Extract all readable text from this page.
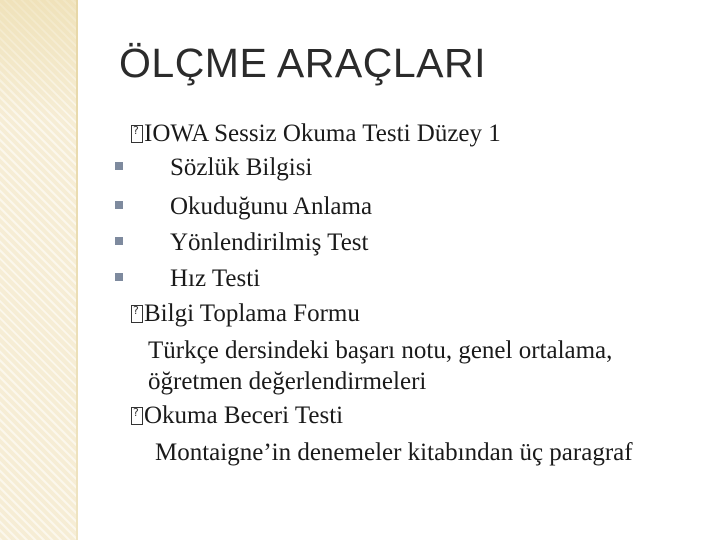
ÖLÇME ARAÇLARI
?IOWA Sessiz Okuma Testi Düzey 1
Sözlük Bilgisi
Okuduğunu Anlama
Yönlendirilmiş Test
Hız Testi
?Bilgi Toplama Formu
Türkçe dersindeki başarı notu, genel ortalama,
öğretmen değerlendirmeleri
?Okuma Beceri Testi
Montaigne’in denemeler kitabından üç paragraf
